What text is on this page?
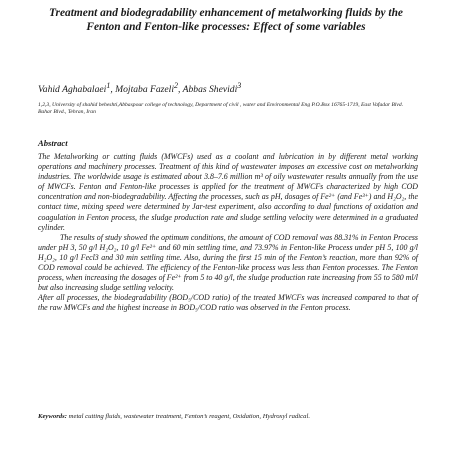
Treatment and biodegradability enhancement of metalworking fluids by the Fenton and Fenton-like processes: Effect of some variables
Vahid Aghabalaei$^1$, Mojtaba Fazeli$^2$, Abbas Shevidi$^3$
1,2,3, University of shahid beheshti,Abbaspour college of technology, Department of civil , water and Environmental Eng P.O.Box 16765-1719, East Vafadar Blvd. Bahar Blvd., Tehran, Iran
Abstract

The Metalworking or cutting fluids (MWCFs) used as a coolant and lubrication in by different metal working operations and machinery processes. Treatment of this kind of wastewater imposes an excessive cost on metalworking industries. The worldwide usage is estimated about 3.8–7.6 million m³ of oily wastewater results annually from the use of MWCFs. Fenton and Fenton-like processes is applied for the treatment of MWCFs characterized by high COD concentration and non-biodegradability. Affecting the processes, such as pH, dosages of Fe²⁺ (and Fe³⁺) and H₂O₂, the contact time, mixing speed were determined by Jar-test experiment, also according to dual functions of oxidation and coagulation in Fenton process, the sludge production rate and sludge settling velocity were determined in a graduated cylinder.

The results of study showed the optimum conditions, the amount of COD removal was 88.31% in Fenton Process under pH 3, 50 g/l H₂O₂, 10 g/l Fe²⁺ and 60 min settling time, and 73.97% in Fenton-like Process under pH 5, 100 g/l H₂O₂, 10 g/l Fecl3 and 30 min settling time. Also, during the first 15 min of the Fenton’s reaction, more than 92% of COD removal could be achieved. The efficiency of the Fenton-like process was less than Fenton processes. The Fenton process, when increasing the dosages of Fe²⁺ from 5 to 40 g/l, the sludge production rate increasing from 55 to 580 ml/l but also increasing sludge settling velocity.

After all processes, the biodegradability (BOD₅/COD ratio) of the treated MWCFs was increased compared to that of the raw MWCFs and the highest increase in BOD₅/COD ratio was observed in the Fenton process.

Keywords: metal cutting fluids, wastewater treatment, Fenton’s reagent, Oxidation, Hydroxyl radical.
